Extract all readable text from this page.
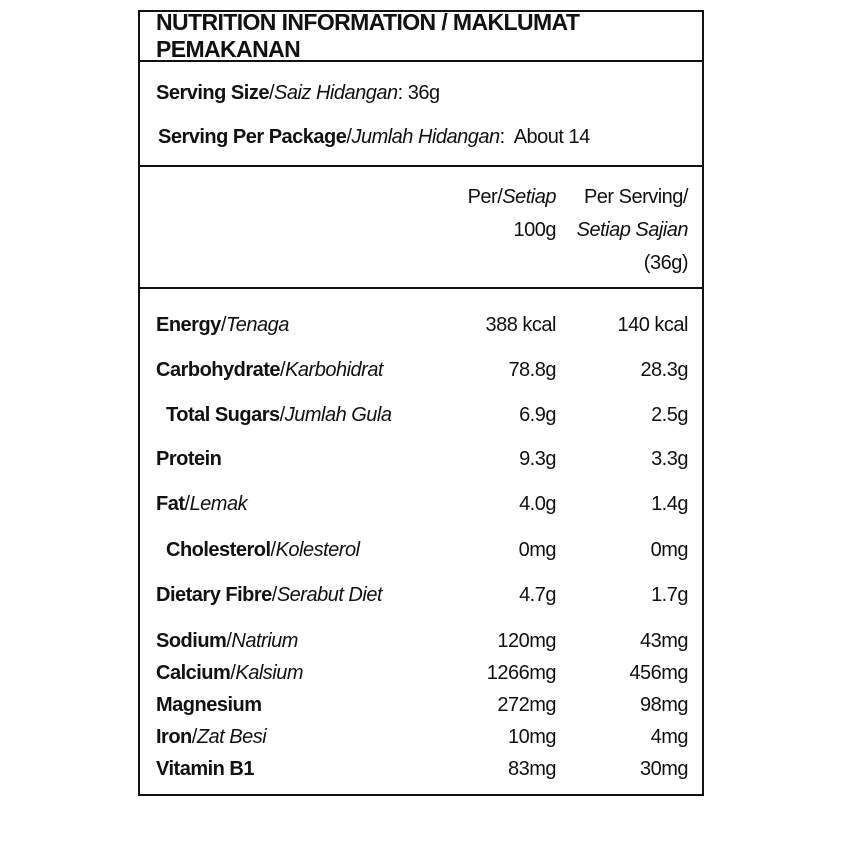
NUTRITION INFORMATION / MAKLUMAT PEMAKANAN
Serving Size/Saiz Hidangan: 36g
Serving Per Package/Jumlah Hidangan:  About 14
Per/Setiap
100g
Per Serving/
Setiap Sajian
(36g)
Energy/Tenaga	388 kcal	140 kcal
Carbohydrate/Karbohidrat	78.8g	28.3g
Total Sugars/Jumlah Gula	6.9g	2.5g
Protein	9.3g	3.3g
Fat/Lemak	4.0g	1.4g
Cholesterol/Kolesterol	0mg	0mg
Dietary Fibre/Serabut Diet	4.7g	1.7g
Sodium/Natrium	120mg	43mg
Calcium/Kalsium	1266mg	456mg
Magnesium	272mg	98mg
Iron/Zat Besi	10mg	4mg
Vitamin B1	83mg	30mg
